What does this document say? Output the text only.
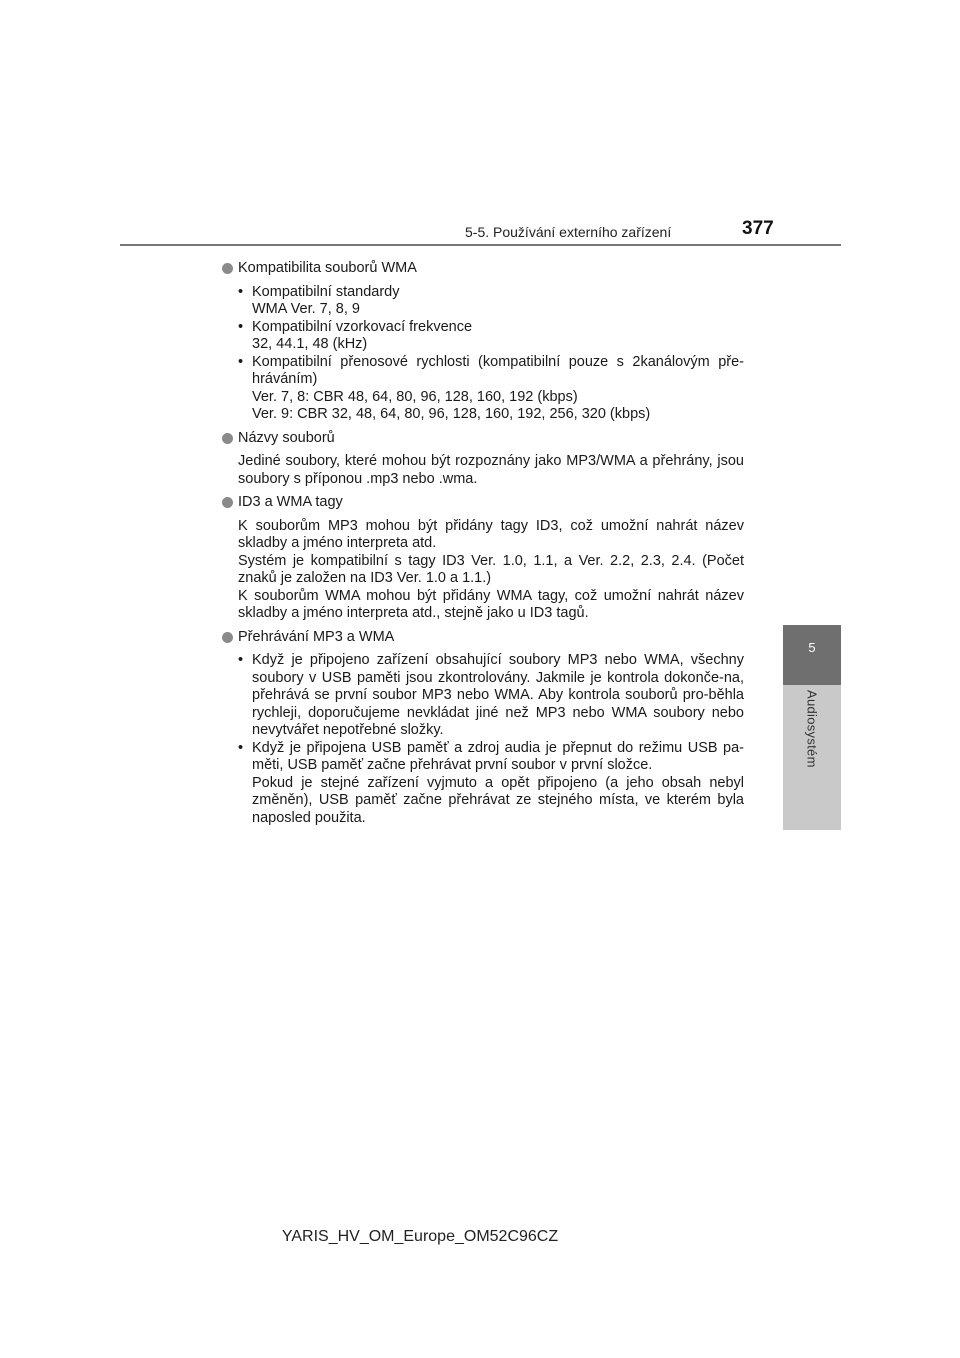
5-5. Používání externího zařízení	377
5
Audiosystém
Kompatibilita souborů WMA
• Kompatibilní standardy
WMA Ver. 7, 8, 9
• Kompatibilní vzorkovací frekvence
32, 44.1, 48 (kHz)
• Kompatibilní přenosové rychlosti (kompatibilní pouze s 2kanálovým pře-hráváním)
Ver. 7, 8: CBR 48, 64, 80, 96, 128, 160, 192 (kbps)
Ver. 9: CBR 32, 48, 64, 80, 96, 128, 160, 192, 256, 320 (kbps)
Názvy souborů
Jediné soubory, které mohou být rozpoznány jako MP3/WMA a přehrány, jsou soubory s příponou .mp3 nebo .wma.
ID3 a WMA tagy
K souborům MP3 mohou být přidány tagy ID3, což umožní nahrát název skladby a jméno interpreta atd.
Systém je kompatibilní s tagy ID3 Ver. 1.0, 1.1, a Ver. 2.2, 2.3, 2.4. (Počet znaků je založen na ID3 Ver. 1.0 a 1.1.)
K souborům WMA mohou být přidány WMA tagy, což umožní nahrát název skladby a jméno interpreta atd., stejně jako u ID3 tagů.
Přehrávání MP3 a WMA
• Když je připojeno zařízení obsahující soubory MP3 nebo WMA, všechny soubory v USB paměti jsou zkontrolovány. Jakmile je kontrola dokonče-na, přehrává se první soubor MP3 nebo WMA. Aby kontrola souborů pro-běhla rychleji, doporučujeme nevkládat jiné než MP3 nebo WMA soubory nebo nevytvářet nepotřebné složky.
• Když je připojena USB paměť a zdroj audia je přepnut do režimu USB pa-měti, USB paměť začne přehrávat první soubor v první složce.
Pokud je stejné zařízení vyjmuto a opět připojeno (a jeho obsah nebyl změněn), USB paměť začne přehrávat ze stejného místa, ve kterém byla naposled použita.
YARIS_HV_OM_Europe_OM52C96CZ
